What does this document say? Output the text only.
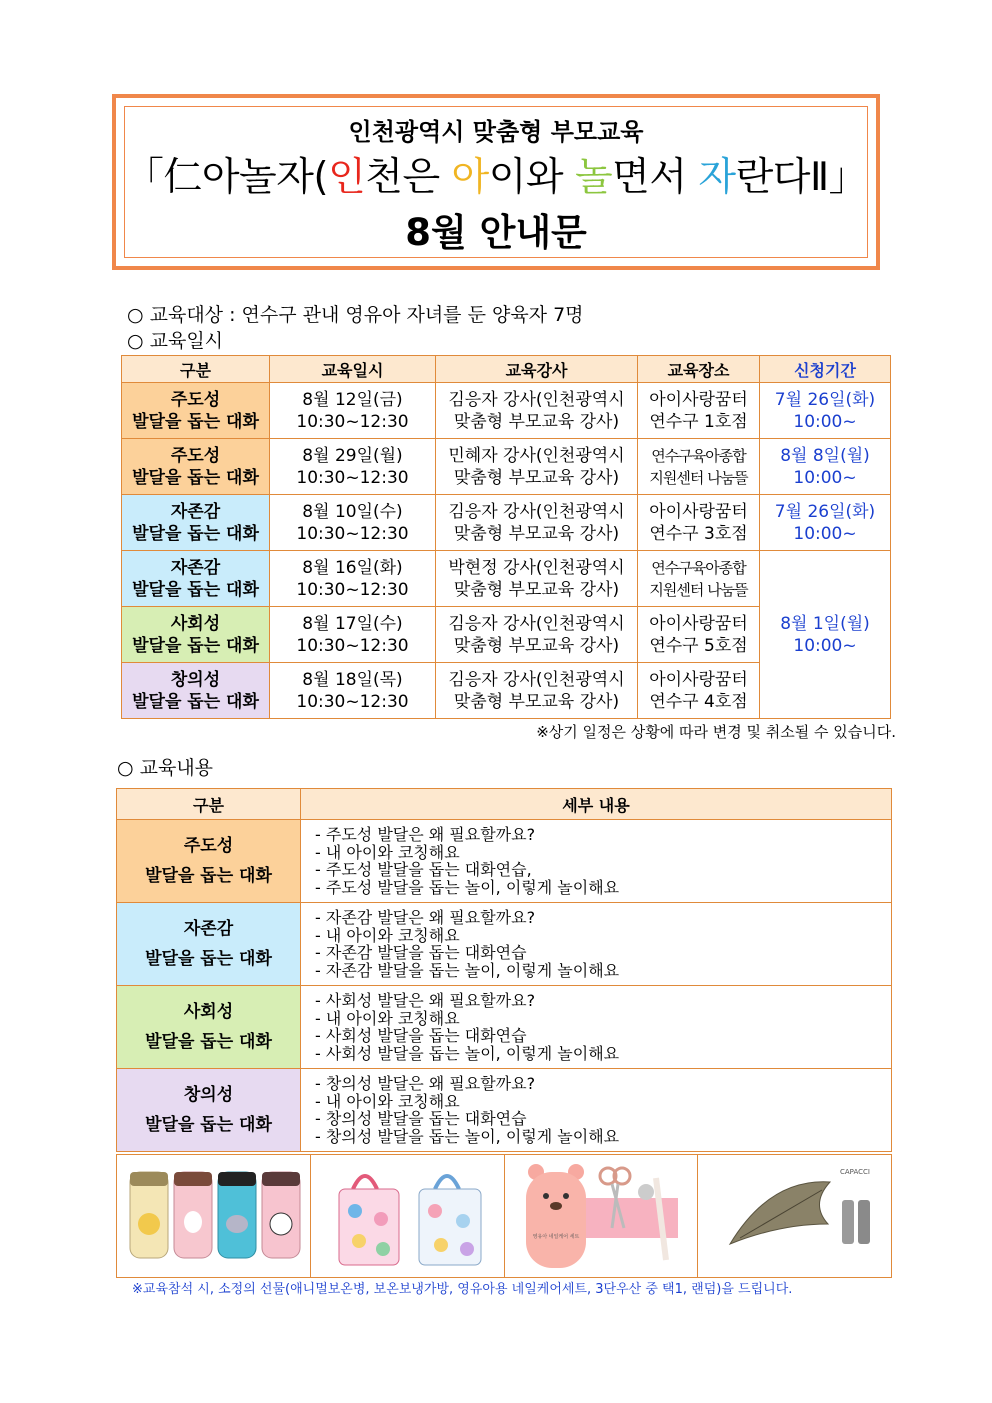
인천광역시 맞춤형 부모교육
「仁아놀자(인천은 아이와 놀면서 자란다Ⅱ」
8월 안내문
○ 교육대상 : 연수구 관내 영유아 자녀를 둔 양육자 7명
○ 교육일시
구분	교육일시	교육강사	교육장소	신청기간

주도성
발달을 돕는 대화	8월 12일(금)
10:30~12:30	김응자 강사(인천광역시
맞춤형 부모교육 강사)	아이사랑꿈터
연수구 1호점	7월 26일(화)
10:00~

주도성
발달을 돕는 대화	8월 29일(월)
10:30~12:30	민혜자 강사(인천광역시
맞춤형 부모교육 강사)	연수구육아종합
지원센터 나눔뜰	8월 8일(월)
10:00~

자존감
발달을 돕는 대화	8월 10일(수)
10:30~12:30	김응자 강사(인천광역시
맞춤형 부모교육 강사)	아이사랑꿈터
연수구 3호점	7월 26일(화)
10:00~

자존감
발달을 돕는 대화	8월 16일(화)
10:30~12:30	박현정 강사(인천광역시
맞춤형 부모교육 강사)	연수구육아종합
지원센터 나눔뜰	8월 1일(월)
10:00~

사회성
발달을 돕는 대화	8월 17일(수)
10:30~12:30	김응자 강사(인천광역시
맞춤형 부모교육 강사)	아이사랑꿈터
연수구 5호점	

창의성
발달을 돕는 대화	8월 18일(목)
10:30~12:30	김응자 강사(인천광역시
맞춤형 부모교육 강사)	아이사랑꿈터
연수구 4호점	
※상기 일정은 상황에 따라 변경 및 취소될 수 있습니다.
○ 교육내용
구분	세부 내용

주도성
발달을 돕는 대화	- 주도성 발달은 왜 필요할까요?
- 내 아이와 코칭해요
- 주도성 발달을 돕는 대화연습,
- 주도성 발달을 돕는 놀이, 이렇게 놀이해요

자존감
발달을 돕는 대화	- 자존감 발달은 왜 필요할까요?
- 내 아이와 코칭해요
- 자존감 발달을 돕는 대화연습
- 자존감 발달을 돕는 놀이, 이렇게 놀이해요

사회성
발달을 돕는 대화	- 사회성 발달은 왜 필요할까요?
- 내 아이와 코칭해요
- 사회성 발달을 돕는 대화연습
- 사회성 발달을 돕는 놀이, 이렇게 놀이해요

창의성
발달을 돕는 대화	- 창의성 발달은 왜 필요할까요?
- 내 아이와 코칭해요
- 창의성 발달을 돕는 대화연습
- 창의성 발달을 돕는 놀이, 이렇게 놀이해요

영유아 네일케어 세트

CAPACCI
※교육참석 시, 소정의 선물(애니멀보온병, 보온보냉가방, 영유아용 네일케어세트, 3단우산 중 택1, 랜덤)을 드립니다.
